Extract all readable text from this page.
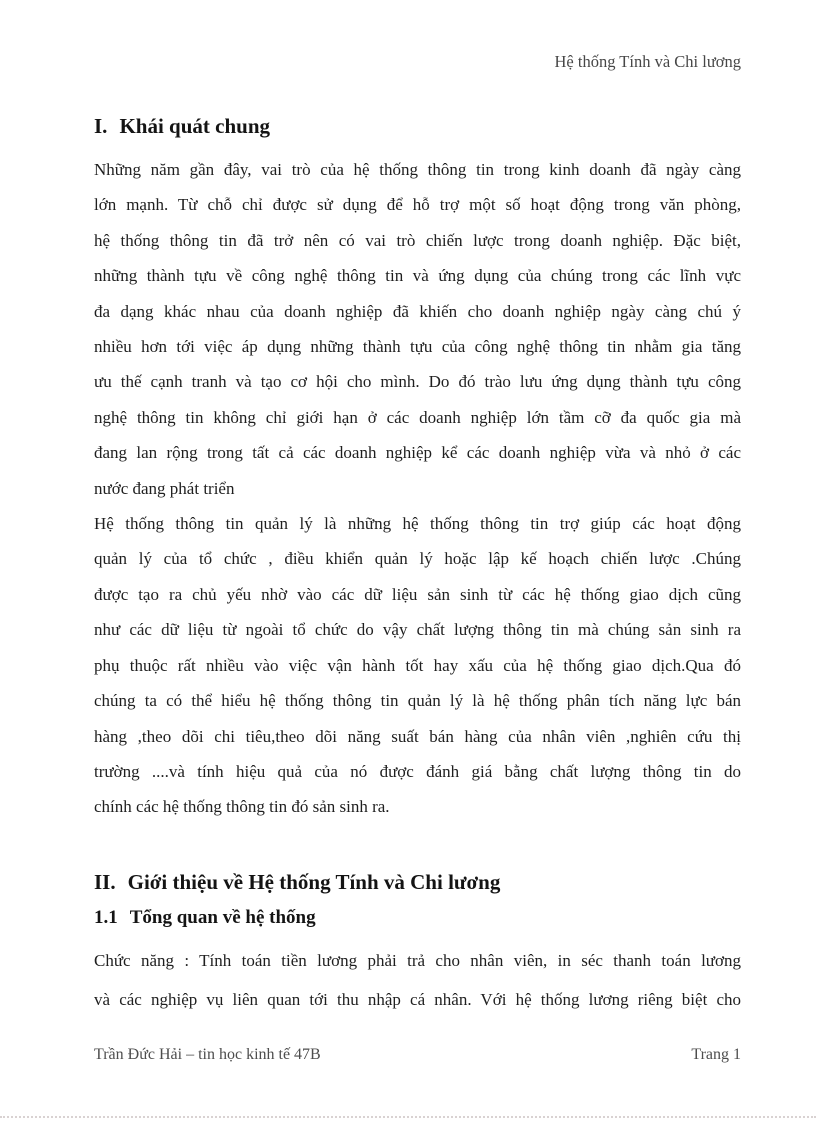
Hệ thống Tính và Chi lương
I. Khái quát chung
Những năm gần đây, vai trò của hệ thống thông tin trong kinh doanh đã ngày càng
lớn mạnh. Từ chỗ chỉ được sử dụng để hỗ trợ một số hoạt động trong văn phòng,
hệ thống thông tin đã trở nên có vai trò chiến lược trong doanh nghiệp. Đặc biệt,
những thành tựu về công nghệ thông tin và ứng dụng của chúng trong các lĩnh vực
đa dạng khác nhau của doanh nghiệp đã khiến cho doanh nghiệp ngày càng chú ý
nhiều hơn tới việc áp dụng những thành tựu của công nghệ thông tin nhằm gia tăng
ưu thế cạnh tranh và tạo cơ hội cho mình. Do đó trào lưu ứng dụng thành tựu công
nghệ thông tin không chỉ giới hạn ở các doanh nghiệp lớn tầm cỡ đa quốc gia mà
đang lan rộng trong tất cả các doanh nghiệp kể các doanh nghiệp vừa và nhỏ ở các
nước đang phát triển
Hệ thống thông tin quản lý là những hệ thống thông tin trợ giúp các hoạt động
quản lý của tổ chức , điều khiển quản lý hoặc lập kế hoạch chiến lược .Chúng
được tạo ra chủ yếu nhờ vào các dữ liệu sản sinh từ các hệ thống giao dịch cũng
như các dữ liệu từ ngoài tổ chức do vậy chất lượng thông tin mà chúng sản sinh ra
phụ thuộc rất nhiều vào việc vận hành tốt hay xấu của hệ thống giao dịch.Qua đó
chúng ta có thể hiểu hệ thống thông tin quản lý là hệ thống phân tích năng lực bán
hàng ,theo dõi chi tiêu,theo dõi năng suất bán hàng của nhân viên ,nghiên cứu thị
trường ....và tính hiệu quả của nó được đánh giá bằng chất lượng thông tin do
chính các hệ thống thông tin đó sản sinh ra.
II. Giới thiệu về Hệ thống Tính và Chi lương
1.1 Tổng quan về hệ thống
Chức năng : Tính toán tiền lương phải trả cho nhân viên, in séc thanh toán lương
và các nghiệp vụ liên quan tới thu nhập cá nhân. Với hệ thống lương riêng biệt cho
Trần Đức Hải – tin học kinh tế 47B	Trang 1
